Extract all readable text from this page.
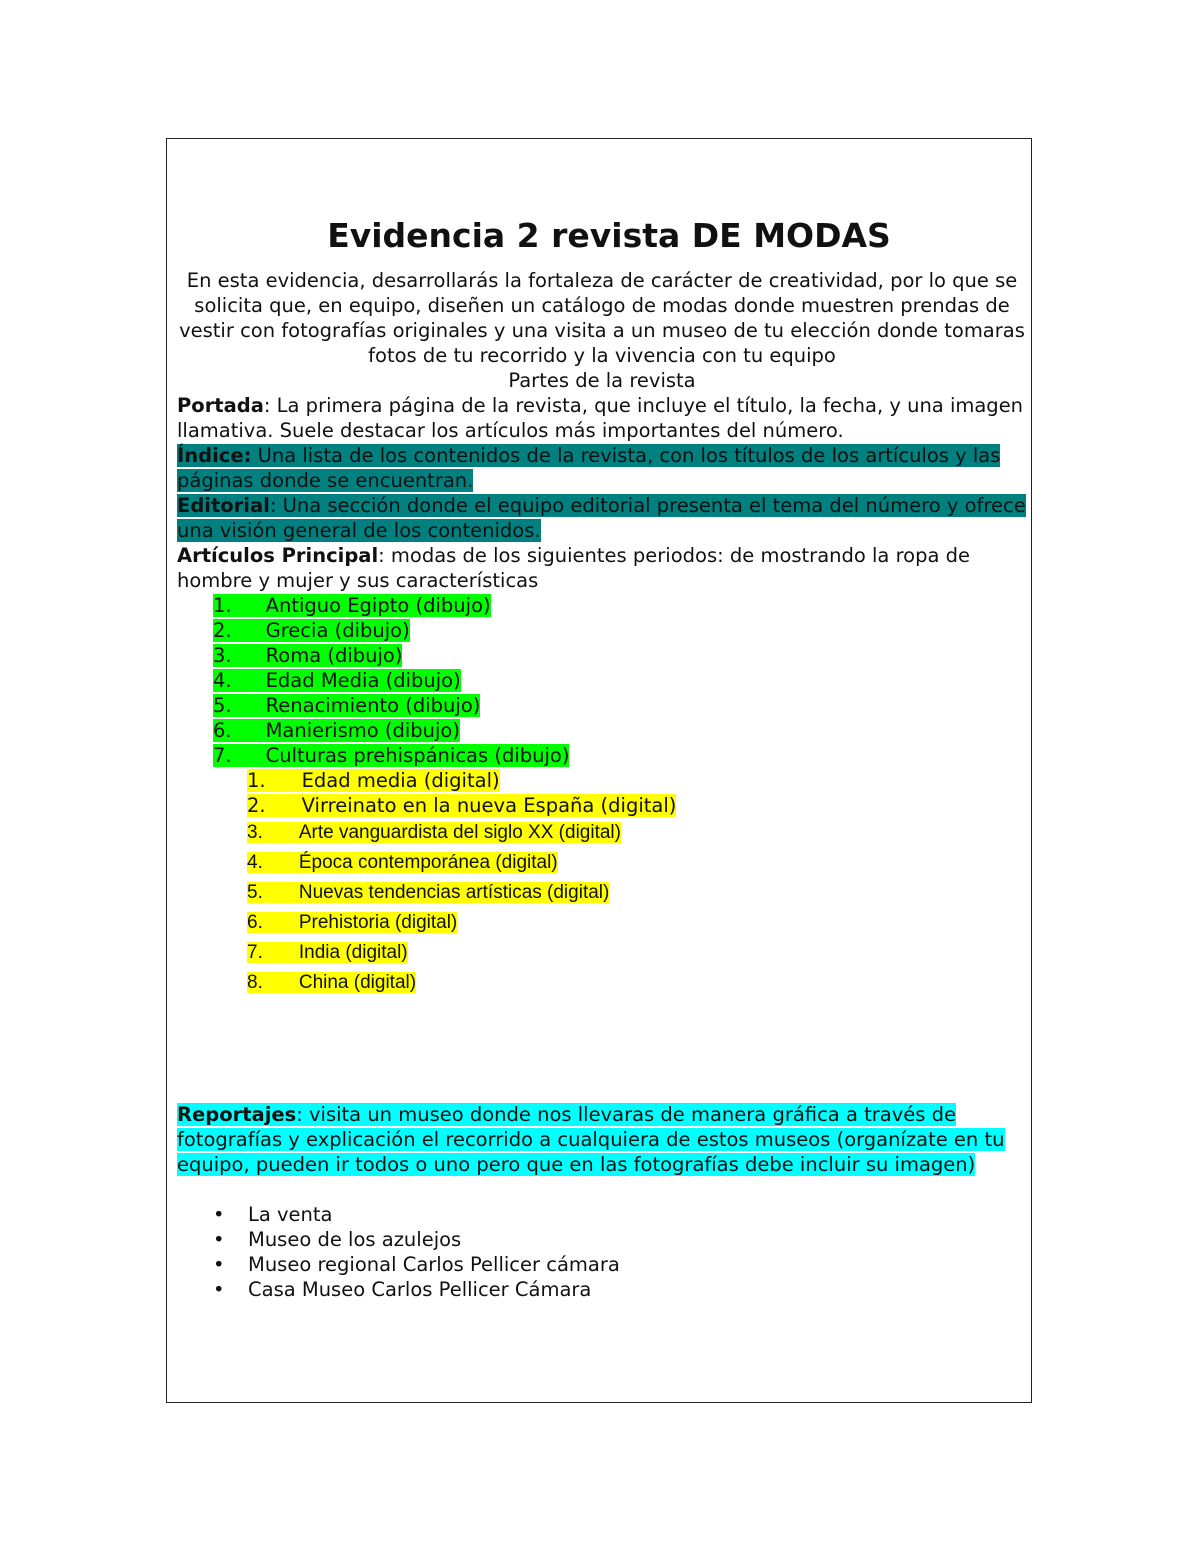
Evidencia 2 revista DE MODAS

En esta evidencia, desarrollarás la fortaleza de carácter de creatividad, por lo que se solicita que, en equipo, diseñen un catálogo de modas donde muestren prendas de vestir con fotografías originales y una visita a un museo de tu elección donde tomaras fotos de tu recorrido y la vivencia con tu equipo

Partes de la revista

Portada: La primera página de la revista, que incluye el título, la fecha, y una imagen llamativa. Suele destacar los artículos más importantes del número.

Índice: Una lista de los contenidos de la revista, con los títulos de los artículos y las páginas donde se encuentran.

Editorial: Una sección donde el equipo editorial presenta el tema del número y ofrece una visión general de los contenidos.

Artículos Principal: modas de los siguientes periodos: de mostrando la ropa de hombre y mujer y sus características

1. Antiguo Egipto (dibujo)
2. Grecia (dibujo)
3. Roma (dibujo)
4. Edad Media (dibujo)
5. Renacimiento (dibujo)
6. Manierismo (dibujo)
7. Culturas prehispánicas (dibujo)
1. Edad media (digital)
2. Virreinato en la nueva España (digital)
3. Arte vanguardista del siglo XX (digital)
4. Época contemporánea (digital)
5. Nuevas tendencias artísticas (digital)
6. Prehistoria (digital)
7. India (digital)
8. China (digital)

Reportajes: visita un museo donde nos llevaras de manera gráfica a través de fotografías y explicación el recorrido a cualquiera de estos museos (organízate en tu equipo, pueden ir todos o uno pero que en las fotografías debe incluir su imagen)

• La venta
• Museo de los azulejos
• Museo regional Carlos Pellicer cámara
• Casa Museo Carlos Pellicer Cámara
